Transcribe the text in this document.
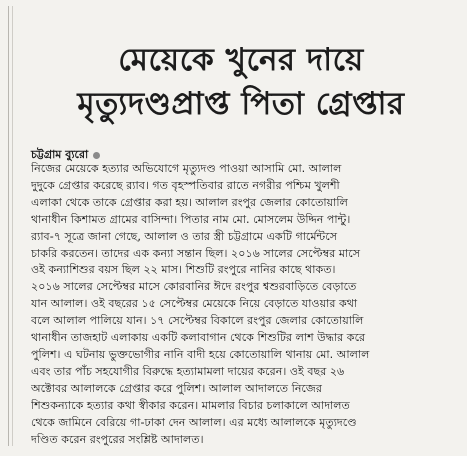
মেয়েকে খুনের দায়ে
মৃত্যুদণ্ডপ্রাপ্ত পিতা গ্রেপ্তার
চট্টগ্রাম ব্যুরো
নিজের মেয়েকে হত্যার অভিযোগে মৃত্যুদণ্ড পাওয়া আসামি মো. আলাল
দুদুকে গ্রেপ্তার করেছে র‍্যাব। গত বৃহস্পতিবার রাতে নগরীর পশ্চিম খুলশী
এলাকা থেকে তাকে গ্রেপ্তার করা হয়। আলাল রংপুর জেলার কোতোয়ালি
থানাধীন কিশামত গ্রামের বাসিন্দা। পিতার নাম মো. মোসলেম উদ্দিন পান্টু।
র‍্যাব-৭ সূত্রে জানা গেছে, আলাল ও তার স্ত্রী চট্টগ্রামে একটি গার্মেন্টসে
চাকরি করতেন। তাদের এক কন্যা সন্তান ছিল। ২০১৬ সালের সেপ্টেম্বর মাসে
ওই কন্যাশিশুর বয়স ছিল ২২ মাস। শিশুটি রংপুরে নানির কাছে থাকত।
২০১৬ সালের সেপ্টেম্বর মাসে কোরবানির ঈদে রংপুর শ্বশুরবাড়িতে বেড়াতে
যান আলাল। ওই বছরের ১৫ সেপ্টেম্বর মেয়েকে নিয়ে বেড়াতে যাওয়ার কথা
বলে আলাল পালিয়ে যান। ১৭ সেপ্টেম্বর বিকালে রংপুর জেলার কোতোয়ালি
থানাধীন তাজহাট এলাকায় একটি কলাবাগান থেকে শিশুটির লাশ উদ্ধার করে
পুলিশ। এ ঘটনায় ভুক্তভোগীর নানি বাদী হয়ে কোতোয়ালি থানায় মো. আলাল
এবং তার পাঁচ সহযোগীর বিরুদ্ধে হত্যামামলা দায়ের করেন। ওই বছর ২৬
অক্টোবর আলালকে গ্রেপ্তার করে পুলিশ। আলাল আদালতে নিজের
শিশুকন্যাকে হত্যার কথা স্বীকার করেন। মামলার বিচার চলাকালে আদালত
থেকে জামিনে বেরিয়ে গা-ঢাকা দেন আলাল। এর মধ্যে আলালকে মৃত্যুদণ্ডে
দণ্ডিত করেন রংপুরের সংশ্লিষ্ট আদালত।
